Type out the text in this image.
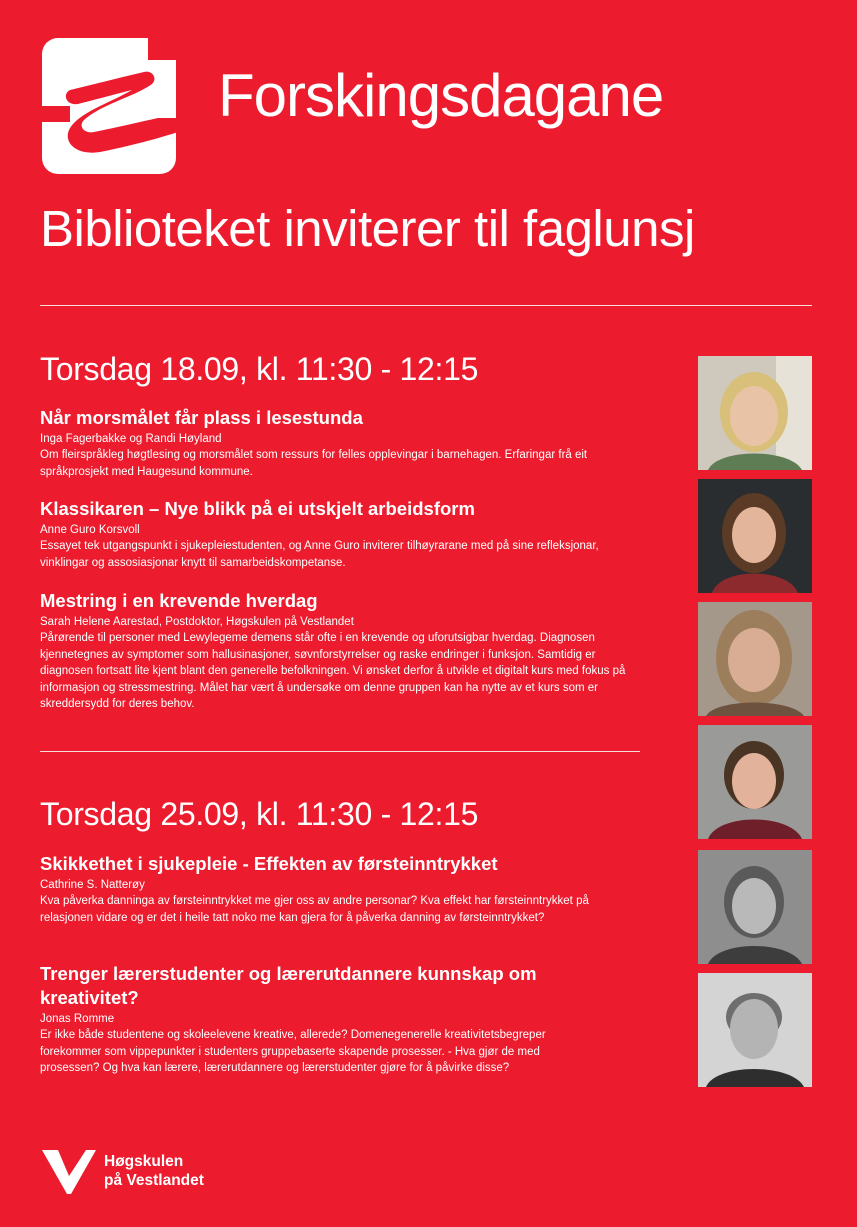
Forskingsdagane
Biblioteket inviterer til faglunsj
Torsdag 18.09, kl. 11:30 - 12:15
Når morsmålet får plass i lesestunda
Inga Fagerbakke og Randi Høyland
Om fleirspråkleg høgtlesing og morsmålet som ressurs for felles opplevingar i barnehagen. Erfaringar frå eit språkprosjekt med Haugesund kommune.
Klassikaren – Nye blikk på ei utskjelt arbeidsform
Anne Guro Korsvoll
Essayet tek utgangspunkt i sjukepleiestudenten, og Anne Guro inviterer tilhøyrarane med på sine refleksjonar, vinklingar og assosiasjonar knytt til samarbeidskompetanse.
Mestring i en krevende hverdag
Sarah Helene Aarestad, Postdoktor, Høgskulen på Vestlandet
Pårørende til personer med Lewylegeme demens står ofte i en krevende og uforutsigbar hverdag. Diagnosen kjennetegnes av symptomer som hallusinasjoner, søvnforstyrrelser og raske endringer i funksjon. Samtidig er diagnosen fortsatt lite kjent blant den generelle befolkningen. Vi ønsket derfor å utvikle et digitalt kurs med fokus på informasjon og stressmestring. Målet har vært å undersøke om denne gruppen kan ha nytte av et kurs som er skreddersydd for deres behov.
Torsdag 25.09, kl. 11:30 - 12:15
Skikkethet i sjukepleie - Effekten av førsteinntrykket
Cathrine S. Natterøy
Kva påverka danninga av førsteinntrykket me gjer oss av andre personar? Kva effekt har førsteinntrykket på relasjonen vidare og er det i heile tatt noko me kan gjera for å påverka danning av førsteinntrykket?
Trenger lærerstudenter og lærerutdannere kunnskap om kreativitet?
Jonas Romme
Er ikke både studentene og skoleelevene kreative, allerede? Domenegenerelle kreativitetsbegreper forekommer som vippepunkter i studenters gruppebaserte skapende prosesser. - Hva gjør de med prosessen? Og hva kan lærere, lærerutdannere og lærerstudenter gjøre for å påvirke disse?
Høgskulen
på Vestlandet
